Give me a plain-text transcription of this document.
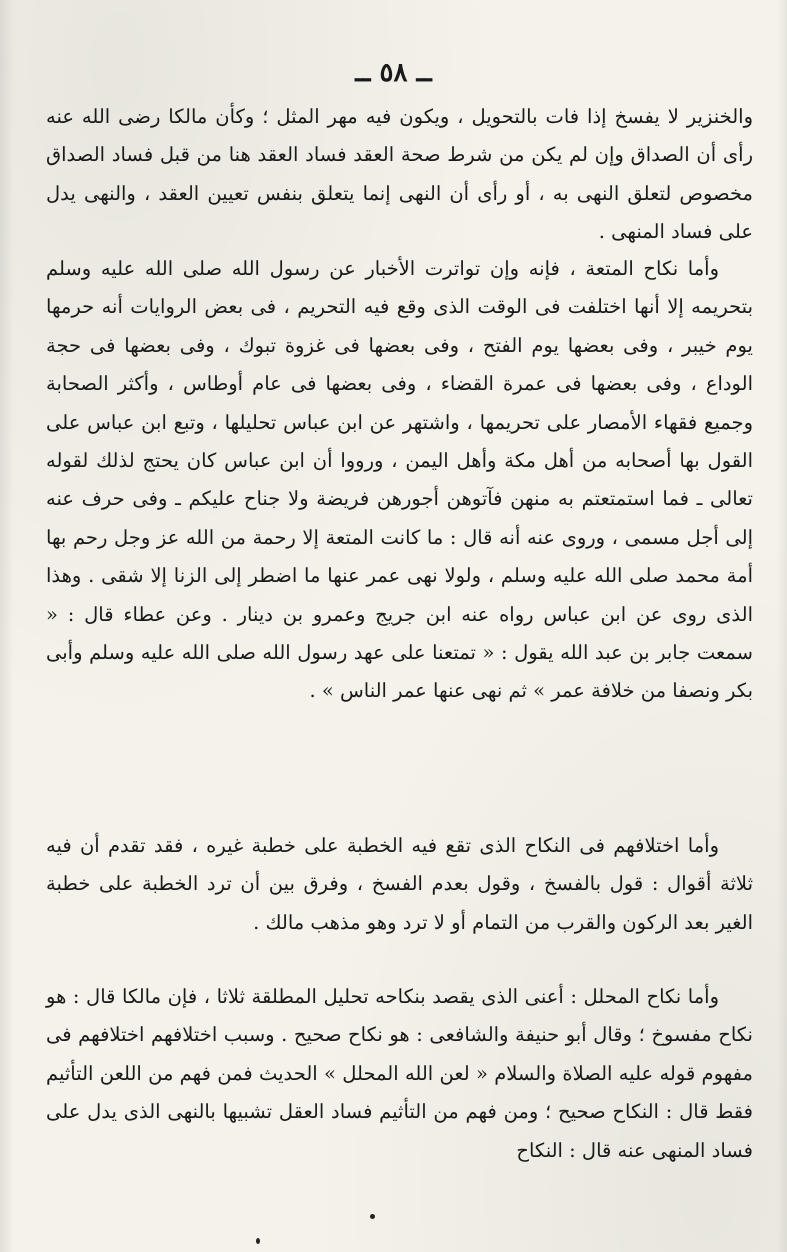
ــ ٥٨ ــ

والخنزير لا يفسخ إذا فات بالتحويل ، ويكون فيه مهر المثل ؛ وكأن مالكا رضى الله عنه رأى أن الصداق وإن لم يكن من شرط صحة العقد فساد العقد هنا من قبل فساد الصداق مخصوص لتعلق النهى به ، أو رأى أن النهى إنما يتعلق بنفس تعيين العقد ، والنهى يدل على فساد المنهى .

وأما نكاح المتعة ، فإنه وإن تواترت الأخبار عن رسول الله صلى الله عليه وسلم بتحريمه إلا أنها اختلفت فى الوقت الذى وقع فيه التحريم ، فى بعض الروايات أنه حرمها يوم خيبر ، وفى بعضها يوم الفتح ، وفى بعضها فى غزوة تبوك ، وفى بعضها فى حجة الوداع ، وفى بعضها فى عمرة القضاء ، وفى بعضها فى عام أوطاس ، وأكثر الصحابة وجميع فقهاء الأمصار على تحريمها ، واشتهر عن ابن عباس تحليلها ، وتبع ابن عباس على القول بها أصحابه من أهل مكة وأهل اليمن ، ورووا أن ابن عباس كان يحتج لذلك لقوله تعالى ـ فما استمتعتم به منهن فآتوهن أجورهن فريضة ولا جناح عليكم ـ وفى حرف عنه إلى أجل مسمى ، وروى عنه أنه قال : ما كانت المتعة إلا رحمة من الله عز وجل رحم بها أمة محمد صلى الله عليه وسلم ، ولولا نهى عمر عنها ما اضطر إلى الزنا إلا شقى . وهذا الذى روى عن ابن عباس رواه عنه ابن جريج وعمرو بن دينار . وعن عطاء قال : « سمعت جابر بن عبد الله يقول : « تمتعنا على عهد رسول الله صلى الله عليه وسلم وأبى بكر ونصفا من خلافة عمر » ثم نهى عنها عمر الناس » .

وأما اختلافهم فى النكاح الذى تقع فيه الخطبة على خطبة غيره ، فقد تقدم أن فيه ثلاثة أقوال : قول بالفسخ ، وقول بعدم الفسخ ، وفرق بين أن ترد الخطبة على خطبة الغير بعد الركون والقرب من التمام أو لا ترد وهو مذهب مالك .

وأما نكاح المحلل : أعنى الذى يقصد بنكاحه تحليل المطلقة ثلاثا ، فإن مالكا قال : هو نكاح مفسوخ ؛ وقال أبو حنيفة والشافعى : هو نكاح صحيح . وسبب اختلافهم اختلافهم فى مفهوم قوله عليه الصلاة والسلام « لعن الله المحلل » الحديث فمن فهم من اللعن التأثيم فقط قال : النكاح صحيح ؛ ومن فهم من التأثيم فساد العقل تشبيها بالنهى الذى يدل على فساد المنهى عنه قال : النكاح
